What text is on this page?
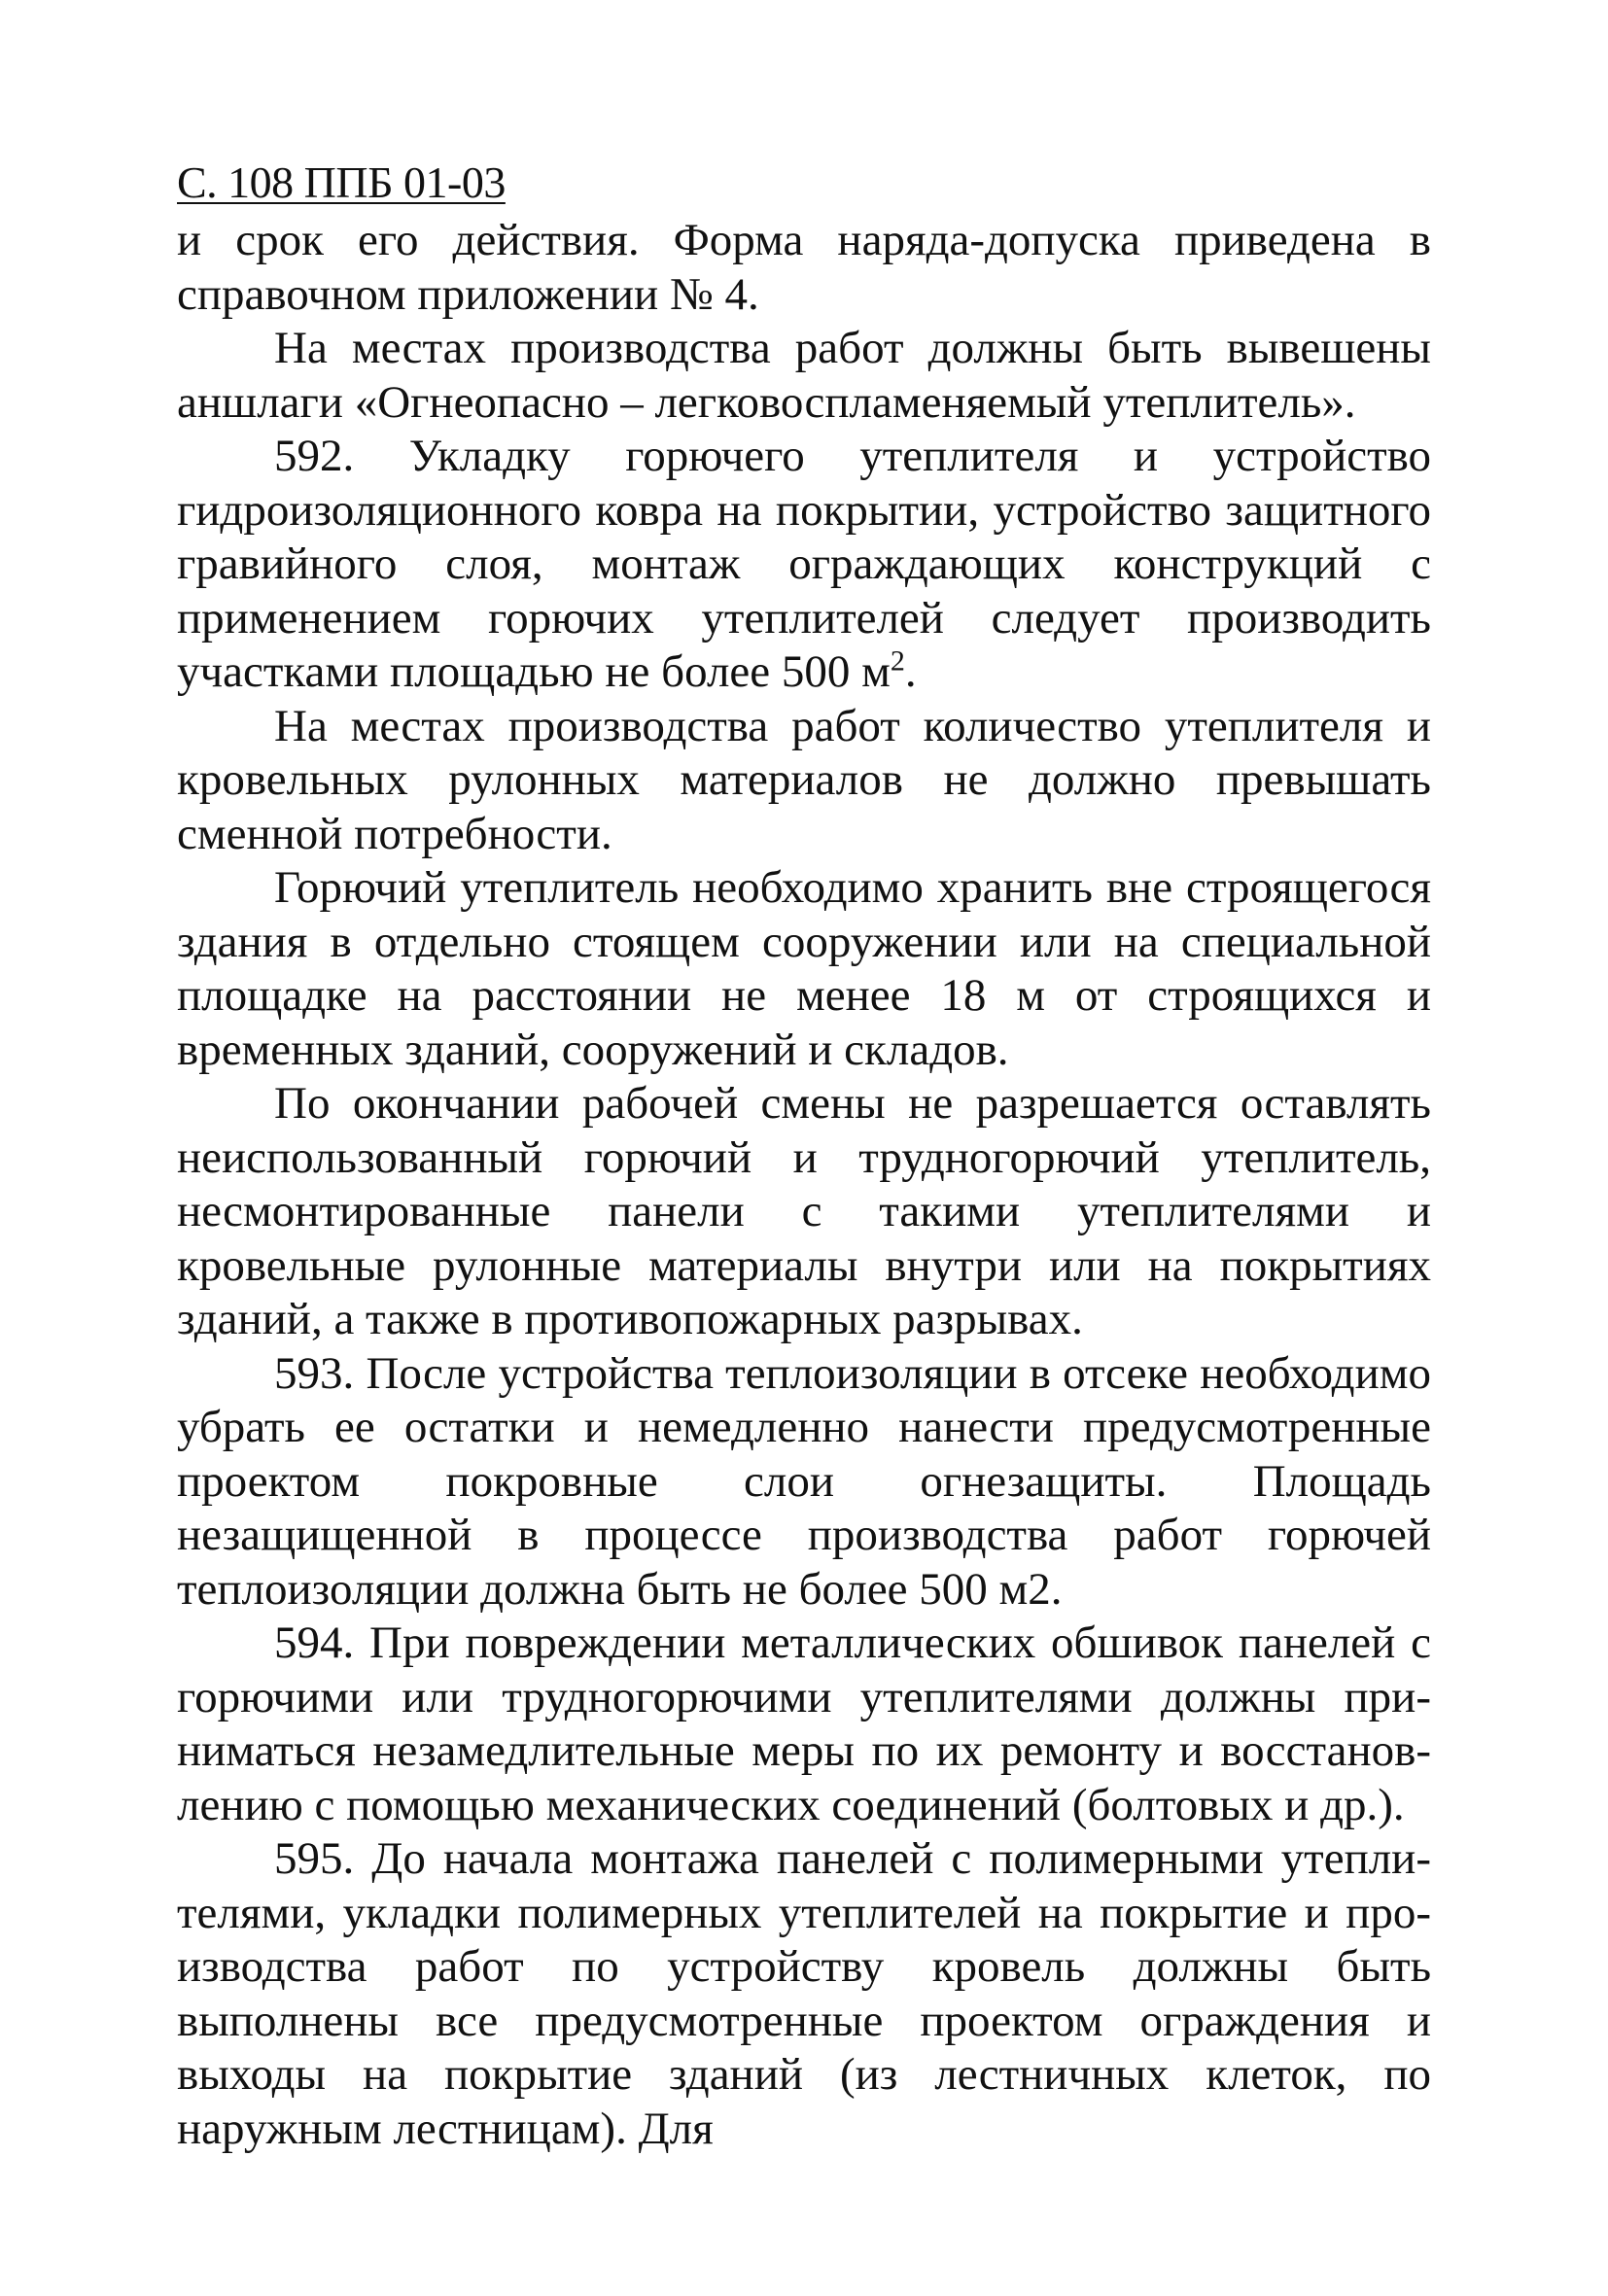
С. 108 ППБ 01-03

и срок его действия. Форма наряда-допуска приведена в справочном приложении № 4.

На местах производства работ должны быть вывешены аншлаги «Огнеопасно – легковоспламеняемый утеплитель».

592. Укладку горючего утеплителя и устройство гидроизоляционного ковра на покрытии, устройство защитного гравийного слоя, монтаж ограждающих конструкций с применением горючих утеплителей следует производить участками площадью не более 500 $м^2$.

На местах производства работ количество утеплителя и кровельных рулонных материалов не должно превышать сменной потребности.

Горючий утеплитель необходимо хранить вне строящегося здания в отдельно стоящем сооружении или на специальной площадке на расстоянии не менее 18 м от строящихся и временных зданий, сооружений и складов.

По окончании рабочей смены не разрешается оставлять неиспользованный горючий и трудногорючий утеплитель, несмонтированные панели с такими утеплителями и кровельные рулонные материалы внутри или на покрытиях зданий, а также в противопожарных разрывах.

593. После устройства теплоизоляции в отсеке необходимо убрать ее остатки и немедленно нанести предусмотренные проектом покровные слои огнезащиты. Площадь незащищенной в процессе производства работ горючей теплоизоляции должна быть не более 500 м2.

594. При повреждении металлических обшивок панелей с горючими или трудногорючими утеплителями должны приниматься незамедлительные меры по их ремонту и восстановлению с помощью механических соединений (болтовых и др.).

595. До начала монтажа панелей с полимерными утеплителями, укладки полимерных утеплителей на покрытие и производства работ по устройству кровель должны быть выполнены все предусмотренные проектом ограждения и выходы на покрытие зданий (из лестничных клеток, по наружным лестницам). Для
